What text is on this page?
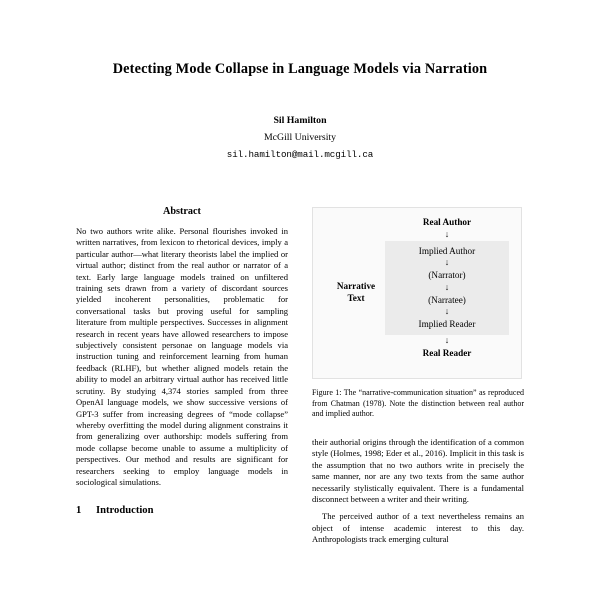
Detecting Mode Collapse in Language Models via Narration
Sil Hamilton
McGill University
sil.hamilton@mail.mcgill.ca
Abstract

No two authors write alike. Personal flourishes invoked in written narratives, from lexicon to rhetorical devices, imply a particular author—what literary theorists label the implied or virtual author; distinct from the real author or narrator of a text. Early large language models trained on unfiltered training sets drawn from a variety of discordant sources yielded incoherent personalities, problematic for conversational tasks but proving useful for sampling literature from multiple perspectives. Successes in alignment research in recent years have allowed researchers to impose subjectively consistent personae on language models via instruction tuning and reinforcement learning from human feedback (RLHF), but whether aligned models retain the ability to model an arbitrary virtual author has received little scrutiny. By studying 4,374 stories sampled from three OpenAI language models, we show successive versions of GPT-3 suffer from increasing degrees of “mode collapse” whereby overfitting the model during alignment constrains it from generalizing over authorship: models suffering from mode collapse become unable to assume a multiplicity of perspectives. Our method and results are significant for researchers seeking to employ language models in sociological simulations.

1	Introduction
Narrative
Text
Real Author
↓
Implied Author
↓
(Narrator)
↓
(Narratee)
↓
Implied Reader
↓
Real Reader

Figure 1: The “narrative-communication situation” as reproduced from Chatman (1978). Note the distinction between real author and implied author.

their authorial origins through the identification of a common style (Holmes, 1998; Eder et al., 2016). Implicit in this task is the assumption that no two authors write in precisely the same manner, nor are any two texts from the same author necessarily stylistically equivalent. There is a fundamental disconnect between a writer and their writing.

The perceived author of a text nevertheless remains an object of intense academic interest to this day. Anthropologists track emerging cultural
